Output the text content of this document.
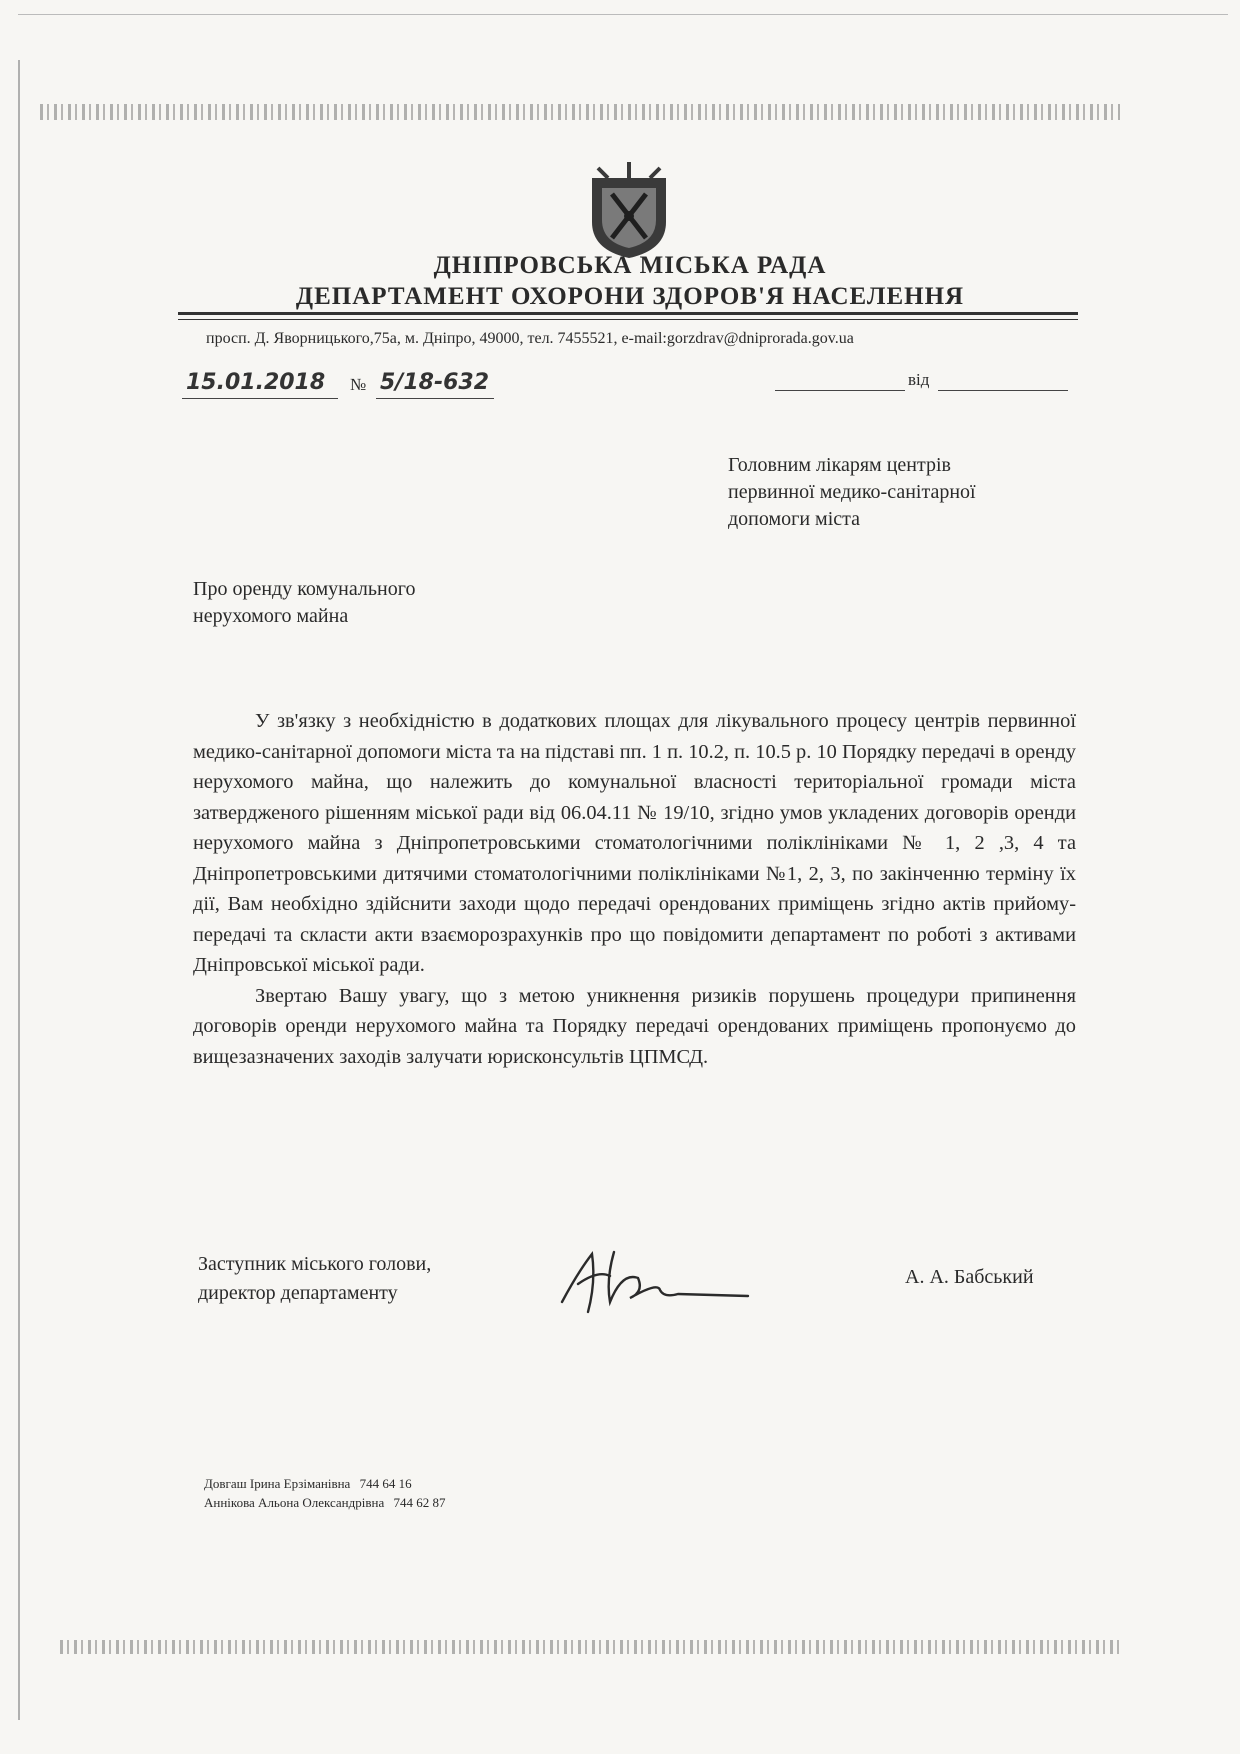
ДНІПРОВСЬКА МІСЬКА РАДА
ДЕПАРТАМЕНТ ОХОРОНИ ЗДОРОВ'Я НАСЕЛЕННЯ
просп. Д. Яворницького,75а, м. Дніпро, 49000, тел. 7455521, e-mail:gorzdrav@dniprorada.gov.ua
15.01.2018 № 5/18-632	від
Головним лікарям центрів
первинної медико-санітарної
допомоги міста
Про оренду комунального
нерухомого майна

У зв'язку з необхідністю в додаткових площах для лікувального процесу центрів первинної медико-санітарної допомоги міста та на підставі пп. 1 п. 10.2, п. 10.5 р. 10 Порядку передачі в оренду нерухомого майна, що належить до комунальної власності територіальної громади міста затвердженого рішенням міської ради від 06.04.11 № 19/10, згідно умов укладених договорів оренди нерухомого майна з Дніпропетровськими стоматологічними поліклініками № 1, 2 ,3, 4 та Дніпропетровськими дитячими стоматологічними поліклініками №1, 2, 3, по закінченню терміну їх дії, Вам необхідно здійснити заходи щодо передачі орендованих приміщень згідно актів прийому-передачі та скласти акти взаєморозрахунків про що повідомити департамент по роботі з активами Дніпровської міської ради.

Звертаю Вашу увагу, що з метою уникнення ризиків порушень процедури припинення договорів оренди нерухомого майна та Порядку передачі орендованих приміщень пропонуємо до вищезазначених заходів залучати юрисконсультів ЦПМСД.

Заступник міського голови,
директор департаменту
А. А. Бабський
Довгаш Ірина Ерзіманівна 744 64 16
Аннікова Альона Олександрівна 744 62 87
